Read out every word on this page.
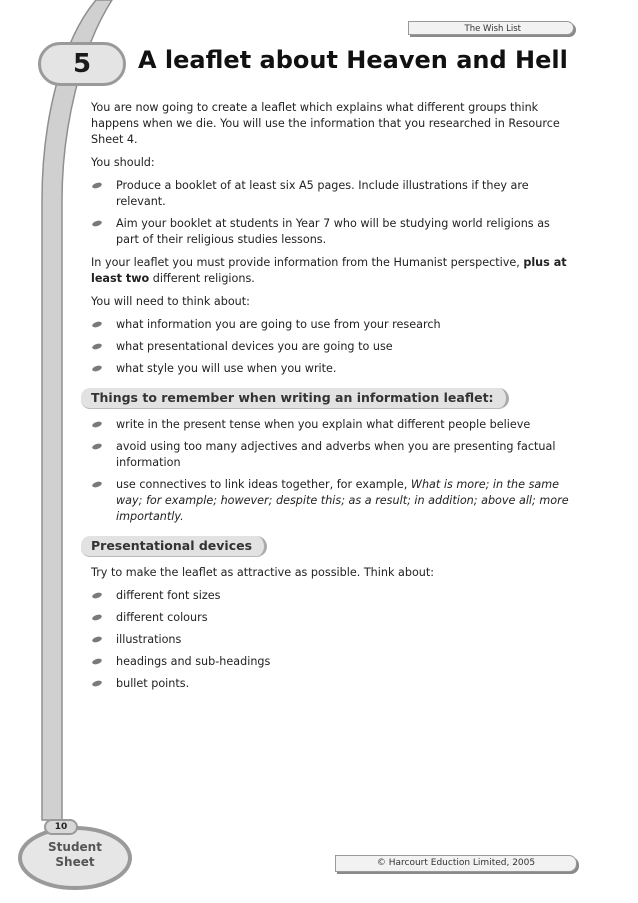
The Wish List
5	A leaflet about Heaven and Hell

You are now going to create a leaflet which explains what different groups think happens when we die. You will use the information that you researched in Resource Sheet 4.

You should:

Produce a booklet of at least six A5 pages. Include illustrations if they are relevant.
Aim your booklet at students in Year 7 who will be studying world religions as part of their religious studies lessons.

In your leaflet you must provide information from the Humanist perspective, plus at least two different religions.

You will need to think about:

what information you are going to use from your research
what presentational devices you are going to use
what style you will use when you write.
Things to remember when writing an information leaflet:
write in the present tense when you explain what different people believe
avoid using too many adjectives and adverbs when you are presenting factual information
use connectives to link ideas together, for example, What is more; in the same way; for example; however; despite this; as a result; in addition; above all; more importantly.
Presentational devices

Try to make the leaflet as attractive as possible. Think about:

different font sizes
different colours
illustrations
headings and sub-headings
bullet points.
10
Student
Sheet	© Harcourt Eduction Limited, 2005
